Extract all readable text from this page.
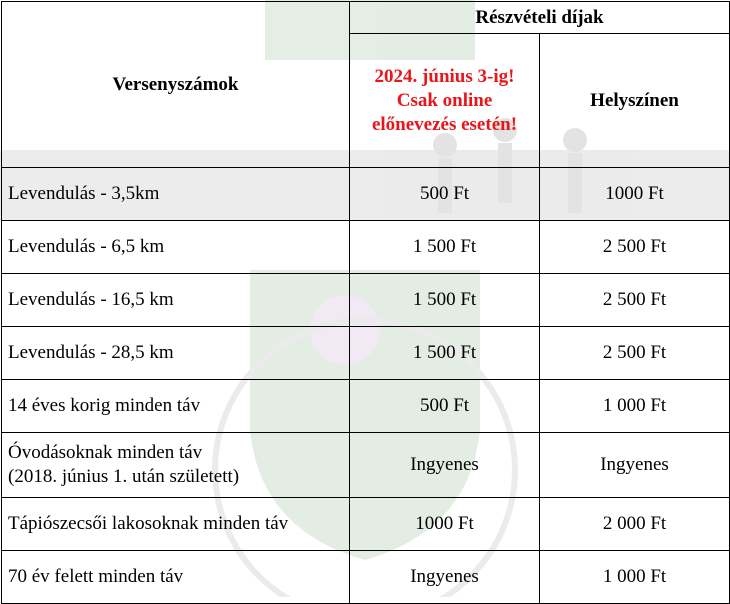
Versenyszámok	Részvételi díjak	

	2024. június 3-ig!
Csak online
előnevezés esetén!	Helyszínen
Levendulás - 3,5km	500 Ft	1000 Ft
Levendulás - 6,5 km	1 500 Ft	2 500 Ft
Levendulás - 16,5 km	1 500 Ft	2 500 Ft
Levendulás - 28,5 km	1 500 Ft	2 500 Ft
14 éves korig minden táv	500 Ft	1 000 Ft

Óvodásoknak minden táv
(2018. június 1. után született)	Ingyenes	Ingyenes
Tápiószecsői lakosoknak minden táv	1000 Ft	2 000 Ft
70 év felett minden táv	Ingyenes	1 000 Ft
